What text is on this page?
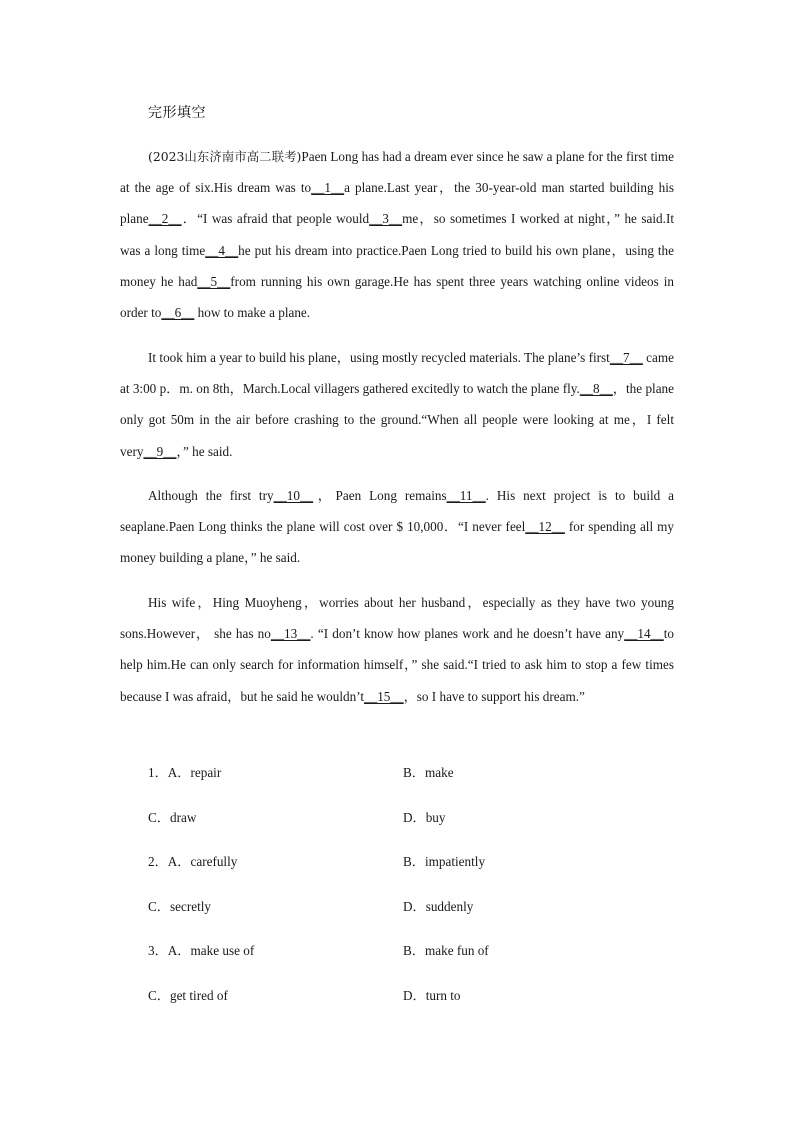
完形填空

(2023山东济南市高二联考)Paen Long has had a dream ever since he saw a plane for the first time at the age of six.His dream was to__1__a plane.Last year，the 30-year-old man started building his plane__2__．“I was afraid that people would__3__me，so sometimes I worked at night，” he said.It was a long time__4__he put his dream into practice.Paen Long tried to build his own plane，using the money he had__5__from running his own garage.He has spent three years watching online videos in order to__6__ how to make a plane.

It took him a year to build his plane，using mostly recycled materials. The plane’s first__7__ came at 3:00 p．m. on 8th，March.Local villagers gathered excitedly to watch the plane fly.__8__，the plane only got 50m in the air before crashing to the ground.“When all people were looking at me，I felt very__9__，” he said.

Although the first try__10__，Paen Long remains__11__. His next project is to build a seaplane.Paen Long thinks the plane will cost over $ 10,000．“I never feel__12__ for spending all my money building a plane，” he said.

His wife，Hing Muoyheng，worries about her husband，especially as they have two young sons.However， she has no__13__. “I don’t know how planes work and he doesn’t have any__14__to help him.He can only search for information himself，” she said.“I tried to ask him to stop a few times because I was afraid，but he said he wouldn’t__15__，so I have to support his dream.”

1．A．repair	B．make
C．draw	D．buy
2．A．carefully	B．impatiently
C．secretly	D．suddenly
3．A．make use of	B．make fun of
C．get tired of	D．turn to
